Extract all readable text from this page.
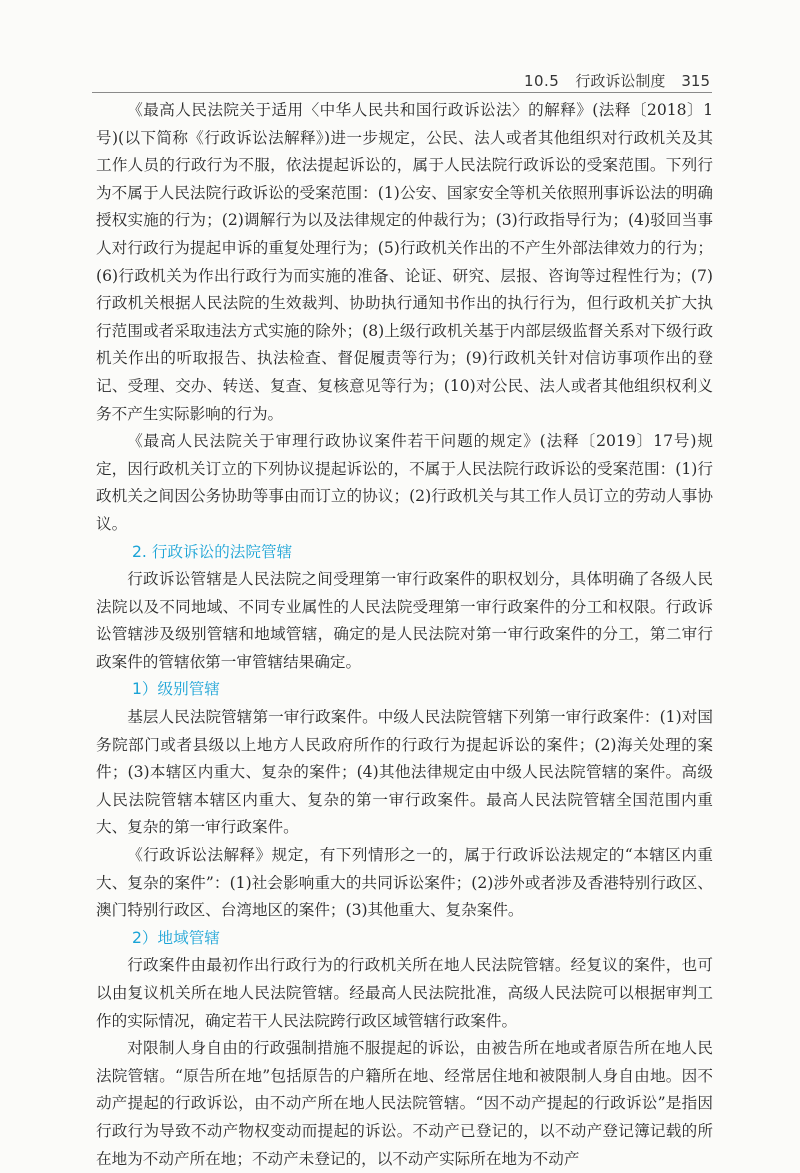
10.5 行政诉讼制度 315

《最高人民法院关于适用〈中华人民共和国行政诉讼法〉的解释》(法释〔2018〕1号)(以下简称《行政诉讼法解释》)进一步规定，公民、法人或者其他组织对行政机关及其工作人员的行政行为不服，依法提起诉讼的，属于人民法院行政诉讼的受案范围。下列行为不属于人民法院行政诉讼的受案范围：(1)公安、国家安全等机关依照刑事诉讼法的明确授权实施的行为；(2)调解行为以及法律规定的仲裁行为；(3)行政指导行为；(4)驳回当事人对行政行为提起申诉的重复处理行为；(5)行政机关作出的不产生外部法律效力的行为；(6)行政机关为作出行政行为而实施的准备、论证、研究、层报、咨询等过程性行为；(7)行政机关根据人民法院的生效裁判、协助执行通知书作出的执行行为，但行政机关扩大执行范围或者采取违法方式实施的除外；(8)上级行政机关基于内部层级监督关系对下级行政机关作出的听取报告、执法检查、督促履责等行为；(9)行政机关针对信访事项作出的登记、受理、交办、转送、复查、复核意见等行为；(10)对公民、法人或者其他组织权利义务不产生实际影响的行为。

《最高人民法院关于审理行政协议案件若干问题的规定》(法释〔2019〕17号)规定，因行政机关订立的下列协议提起诉讼的，不属于人民法院行政诉讼的受案范围：(1)行政机关之间因公务协助等事由而订立的协议；(2)行政机关与其工作人员订立的劳动人事协议。

2. 行政诉讼的法院管辖

行政诉讼管辖是人民法院之间受理第一审行政案件的职权划分，具体明确了各级人民法院以及不同地域、不同专业属性的人民法院受理第一审行政案件的分工和权限。行政诉讼管辖涉及级别管辖和地域管辖，确定的是人民法院对第一审行政案件的分工，第二审行政案件的管辖依第一审管辖结果确定。

1）级别管辖

基层人民法院管辖第一审行政案件。中级人民法院管辖下列第一审行政案件：(1)对国务院部门或者县级以上地方人民政府所作的行政行为提起诉讼的案件；(2)海关处理的案件；(3)本辖区内重大、复杂的案件；(4)其他法律规定由中级人民法院管辖的案件。高级人民法院管辖本辖区内重大、复杂的第一审行政案件。最高人民法院管辖全国范围内重大、复杂的第一审行政案件。

《行政诉讼法解释》规定，有下列情形之一的，属于行政诉讼法规定的“本辖区内重大、复杂的案件”：(1)社会影响重大的共同诉讼案件；(2)涉外或者涉及香港特别行政区、澳门特别行政区、台湾地区的案件；(3)其他重大、复杂案件。

2）地域管辖

行政案件由最初作出行政行为的行政机关所在地人民法院管辖。经复议的案件，也可以由复议机关所在地人民法院管辖。经最高人民法院批准，高级人民法院可以根据审判工作的实际情况，确定若干人民法院跨行政区域管辖行政案件。

对限制人身自由的行政强制措施不服提起的诉讼，由被告所在地或者原告所在地人民法院管辖。“原告所在地”包括原告的户籍所在地、经常居住地和被限制人身自由地。因不动产提起的行政诉讼，由不动产所在地人民法院管辖。“因不动产提起的行政诉讼”是指因行政行为导致不动产物权变动而提起的诉讼。不动产已登记的，以不动产登记簿记载的所在地为不动产所在地；不动产未登记的，以不动产实际所在地为不动产
